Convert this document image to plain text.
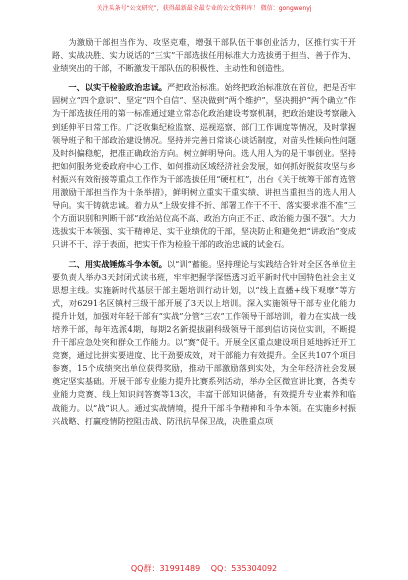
关注头条号“公文研究”，获得最新最全最专业的公文资料库！ 微信：gongwenyj

为激励干部担当作为、攻坚克难，增强干部队伍干事创业活力，区推行实干开路、实战决胜、实力说话的“三实”干部选拔任用标准大力选拔勇于担当、善于作为、业绩突出的干部，不断激发干部队伍的积极性、主动性和创造性。

一、以实干检验政治忠诚。严把政治标准。始终把政治标准放在首位，把是否牢固树立“四个意识”、坚定“四个自信”、坚决做到“两个维护”，坚决拥护“两个确立”作为干部选拔任用的第一标准通过建立常态化政治建设考察机制，把政治建设考察融入到延伸平日常工作。广泛收集纪检监察、巡视巡察、部门工作调度等情况，及时掌握领导班子和干部政治建设情况。坚持并完善日常谈心谈话制度，对苗头性倾向性问题及时纠偏稳舵，把准正确政治方向。树立鲜明导向。选人用人为的是干事创业。坚持把如何服务党委政府中心工作、如何推动区域经济社会发展，如何抓好脱贫攻坚与乡村振兴有效衔接等重点工作作为干部选拔任用“硬杠杠”，出台《关于统筹干部育选管用激励干部担当作为十条举措》，鲜明树立重实干重实绩、讲担当重担当的选人用人导向。实干铸就忠诚。着力从“上级安排不折、部署工作干不干、落实要求准不准”三个方面识别和判断干部“政治站位高不高、政治方向正不正、政治能力强不强”。大力选拔实干本领强、实干精神足、实干业绩优的干部，坚决防止和避免把“讲政治”变成只讲不干、浮于表面，把实干作为检验干部的政治忠诚的试金石。

二、用实战锤炼斗争本领。以“训”蓄能。坚持理论与实践结合针对全区各单位主要负责人举办3天封闭式读书班，牢牢把握学深悟透习近平新时代中国特色社会主义思想主线。实施新时代基层干部主题培训行动计划，以“线上直播+线下观摩”等方式，对6291名区镇村三级干部开展了3天以上培训。深入实施领导干部专业化能力提升计划，加强对年轻干部有“实战”分管“三农”工作领导干部培训，着力在实战一线培养干部，每年选派4期，每期2名新提拔副科级领导干部到信访岗位实训，不断提升干部应急处突和群众工作能力。以“赛”促干。开展全区重点建设项目延地拆迁开工竞赛，通过比拼实要进度、比干劲要成效，对干部能力有效提升。全区共107个项目参赛，15个成绩突出单位获得奖励，推动干部激励落到实处，为全年经济社会发展奠定坚实基础。开展干部专业能力提升比赛系列活动，举办全区微宣讲比赛，各类专业能力竞赛、线上知识问答赛等13次，丰富干部知识储备，有效提升专业素养和临战能力。以“战”识人。通过实战情境，提升干部斗争精神和斗争本领。在实施乡村振兴战略、打赢疫情防控阻击战、防汛抗旱保卫战，决胜重点项

QQ群：31991489 QQ：535304092
